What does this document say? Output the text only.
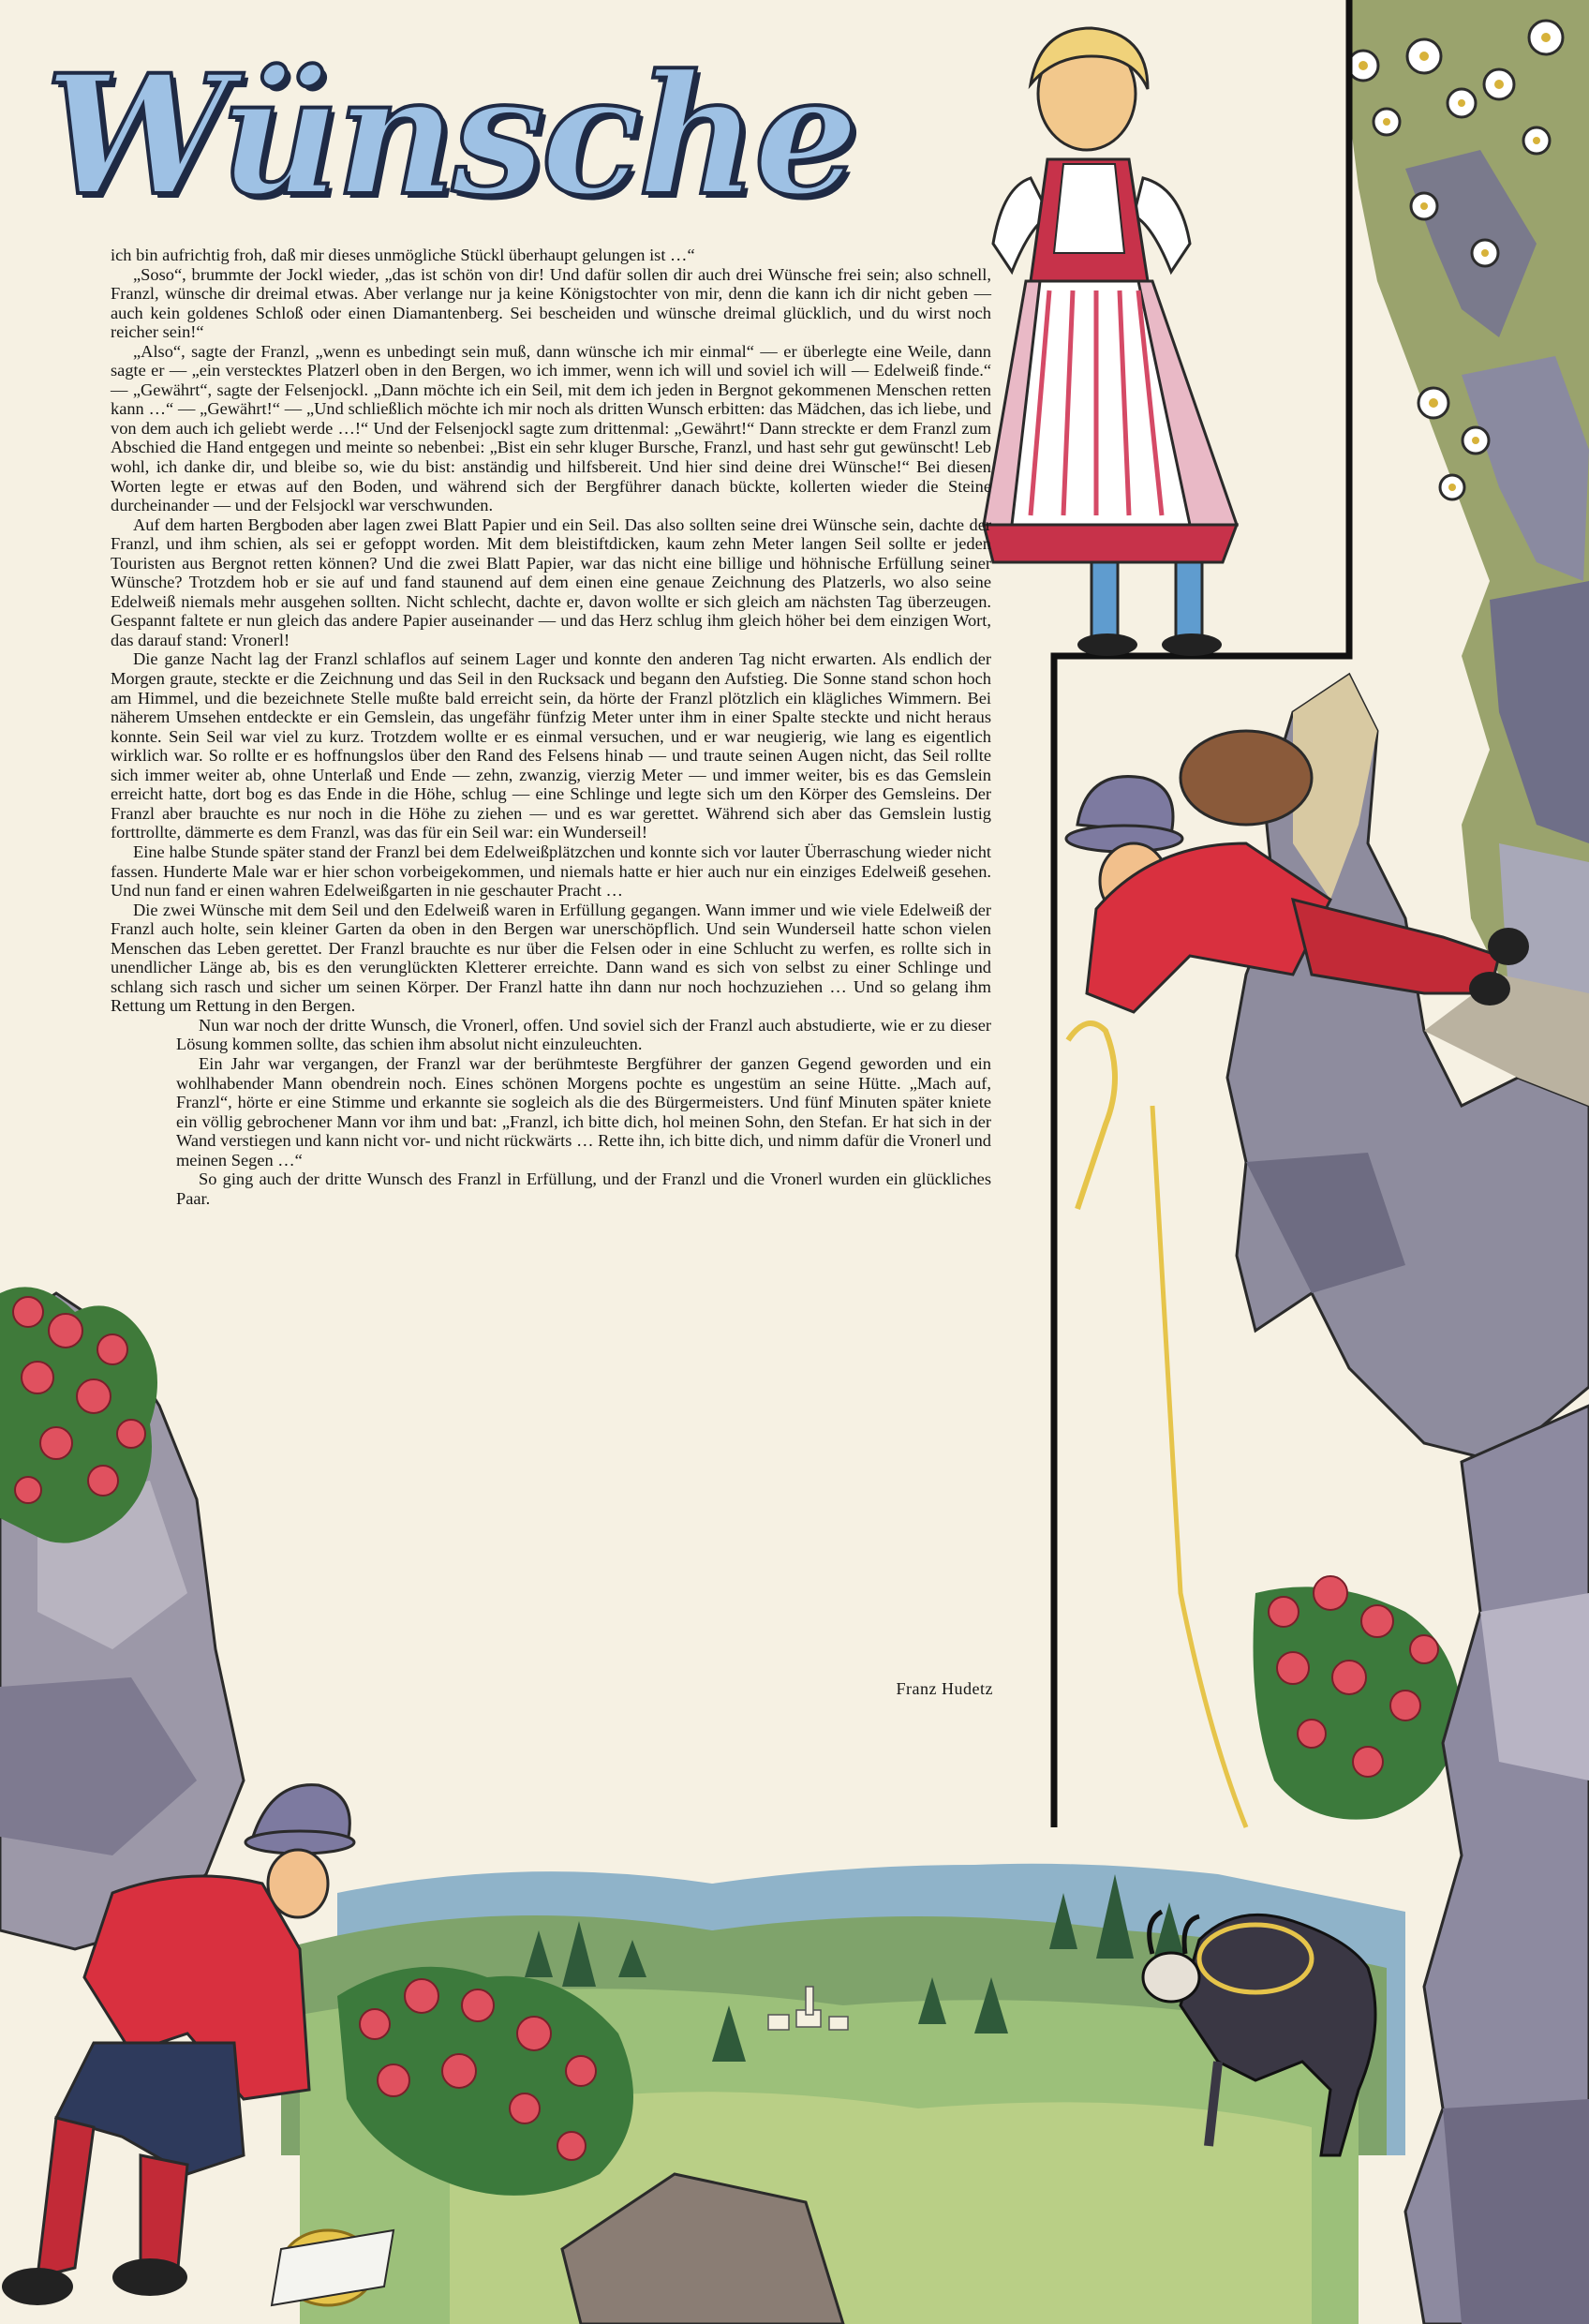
Wünsche

ich bin aufrichtig froh, daß mir dieses unmögliche Stückl überhaupt gelungen ist …“

„Soso“, brummte der Jockl wieder, „das ist schön von dir! Und dafür sollen dir auch drei Wünsche frei sein; also schnell, Franzl, wünsche dir dreimal etwas. Aber verlange nur ja keine Königstochter von mir, denn die kann ich dir nicht geben — auch kein goldenes Schloß oder einen Diamantenberg. Sei bescheiden und wünsche dreimal glücklich, und du wirst noch reicher sein!“

„Also“, sagte der Franzl, „wenn es unbedingt sein muß, dann wünsche ich mir einmal“ — er überlegte eine Weile, dann sagte er — „ein verstecktes Platzerl oben in den Bergen, wo ich immer, wenn ich will und soviel ich will — Edelweiß finde.“ — „Gewährt“, sagte der Felsenjockl. „Dann möchte ich ein Seil, mit dem ich jeden in Bergnot gekommenen Menschen retten kann …“ — „Gewährt!“ — „Und schließlich möchte ich mir noch als dritten Wunsch erbitten: das Mädchen, das ich liebe, und von dem auch ich geliebt werde …!“ Und der Felsenjockl sagte zum drittenmal: „Gewährt!“ Dann streckte er dem Franzl zum Abschied die Hand entgegen und meinte so nebenbei: „Bist ein sehr kluger Bursche, Franzl, und hast sehr gut gewünscht! Leb wohl, ich danke dir, und bleibe so, wie du bist: anständig und hilfsbereit. Und hier sind deine drei Wünsche!“ Bei diesen Worten legte er etwas auf den Boden, und während sich der Bergführer danach bückte, kollerten wieder die Steine durcheinander — und der Felsjockl war verschwunden.

Auf dem harten Bergboden aber lagen zwei Blatt Papier und ein Seil. Das also sollten seine drei Wünsche sein, dachte der Franzl, und ihm schien, als sei er gefoppt worden. Mit dem bleistiftdicken, kaum zehn Meter langen Seil sollte er jeden Touristen aus Bergnot retten können? Und die zwei Blatt Papier, war das nicht eine billige und höhnische Erfüllung seiner Wünsche? Trotzdem hob er sie auf und fand staunend auf dem einen eine genaue Zeichnung des Platzerls, wo also seine Edelweiß niemals mehr ausgehen sollten. Nicht schlecht, dachte er, davon wollte er sich gleich am nächsten Tag überzeugen. Gespannt faltete er nun gleich das andere Papier auseinander — und das Herz schlug ihm gleich höher bei dem einzigen Wort, das darauf stand: Vronerl!

Die ganze Nacht lag der Franzl schlaflos auf seinem Lager und konnte den anderen Tag nicht erwarten. Als endlich der Morgen graute, steckte er die Zeichnung und das Seil in den Rucksack und begann den Aufstieg. Die Sonne stand schon hoch am Himmel, und die bezeichnete Stelle mußte bald erreicht sein, da hörte der Franzl plötzlich ein klägliches Wimmern. Bei näherem Umsehen entdeckte er ein Gemslein, das ungefähr fünfzig Meter unter ihm in einer Spalte steckte und nicht heraus konnte. Sein Seil war viel zu kurz. Trotzdem wollte er es einmal versuchen, und er war neugierig, wie lang es eigentlich wirklich war. So rollte er es hoffnungslos über den Rand des Felsens hinab — und traute seinen Augen nicht, das Seil rollte sich immer weiter ab, ohne Unterlaß und Ende — zehn, zwanzig, vierzig Meter — und immer weiter, bis es das Gemslein erreicht hatte, dort bog es das Ende in die Höhe, schlug — eine Schlinge und legte sich um den Körper des Gemsleins. Der Franzl aber brauchte es nur noch in die Höhe zu ziehen — und es war gerettet. Während sich aber das Gemslein lustig forttrollte, dämmerte es dem Franzl, was das für ein Seil war: ein Wunderseil!

Eine halbe Stunde später stand der Franzl bei dem Edelweißplätzchen und konnte sich vor lauter Überraschung wieder nicht fassen. Hunderte Male war er hier schon vorbeigekommen, und niemals hatte er hier auch nur ein einziges Edelweiß gesehen. Und nun fand er einen wahren Edelweißgarten in nie geschauter Pracht …

Die zwei Wünsche mit dem Seil und den Edelweiß waren in Erfüllung gegangen. Wann immer und wie viele Edelweiß der Franzl auch holte, sein kleiner Garten da oben in den Bergen war unerschöpflich. Und sein Wunderseil hatte schon vielen Menschen das Leben gerettet. Der Franzl brauchte es nur über die Felsen oder in eine Schlucht zu werfen, es rollte sich in unendlicher Länge ab, bis es den verunglückten Kletterer erreichte. Dann wand es sich von selbst zu einer Schlinge und schlang sich rasch und sicher um seinen Körper. Der Franzl hatte ihn dann nur noch hochzuziehen … Und so gelang ihm Rettung um Rettung in den Bergen.

Nun war noch der dritte Wunsch, die Vronerl, offen. Und soviel sich der Franzl auch abstudierte, wie er zu dieser Lösung kommen sollte, das schien ihm absolut nicht einzuleuchten.

Ein Jahr war vergangen, der Franzl war der berühmteste Bergführer der ganzen Gegend geworden und ein wohlhabender Mann obendrein noch. Eines schönen Morgens pochte es ungestüm an seine Hütte. „Mach auf, Franzl“, hörte er eine Stimme und erkannte sie sogleich als die des Bürgermeisters. Und fünf Minuten später kniete ein völlig gebrochener Mann vor ihm und bat: „Franzl, ich bitte dich, hol meinen Sohn, den Stefan. Er hat sich in der Wand verstiegen und kann nicht vor- und nicht rückwärts … Rette ihn, ich bitte dich, und nimm dafür die Vronerl und meinen Segen …“

So ging auch der dritte Wunsch des Franzl in Erfüllung, und der Franzl und die Vronerl wurden ein glückliches Paar.

Franz Hudetz
